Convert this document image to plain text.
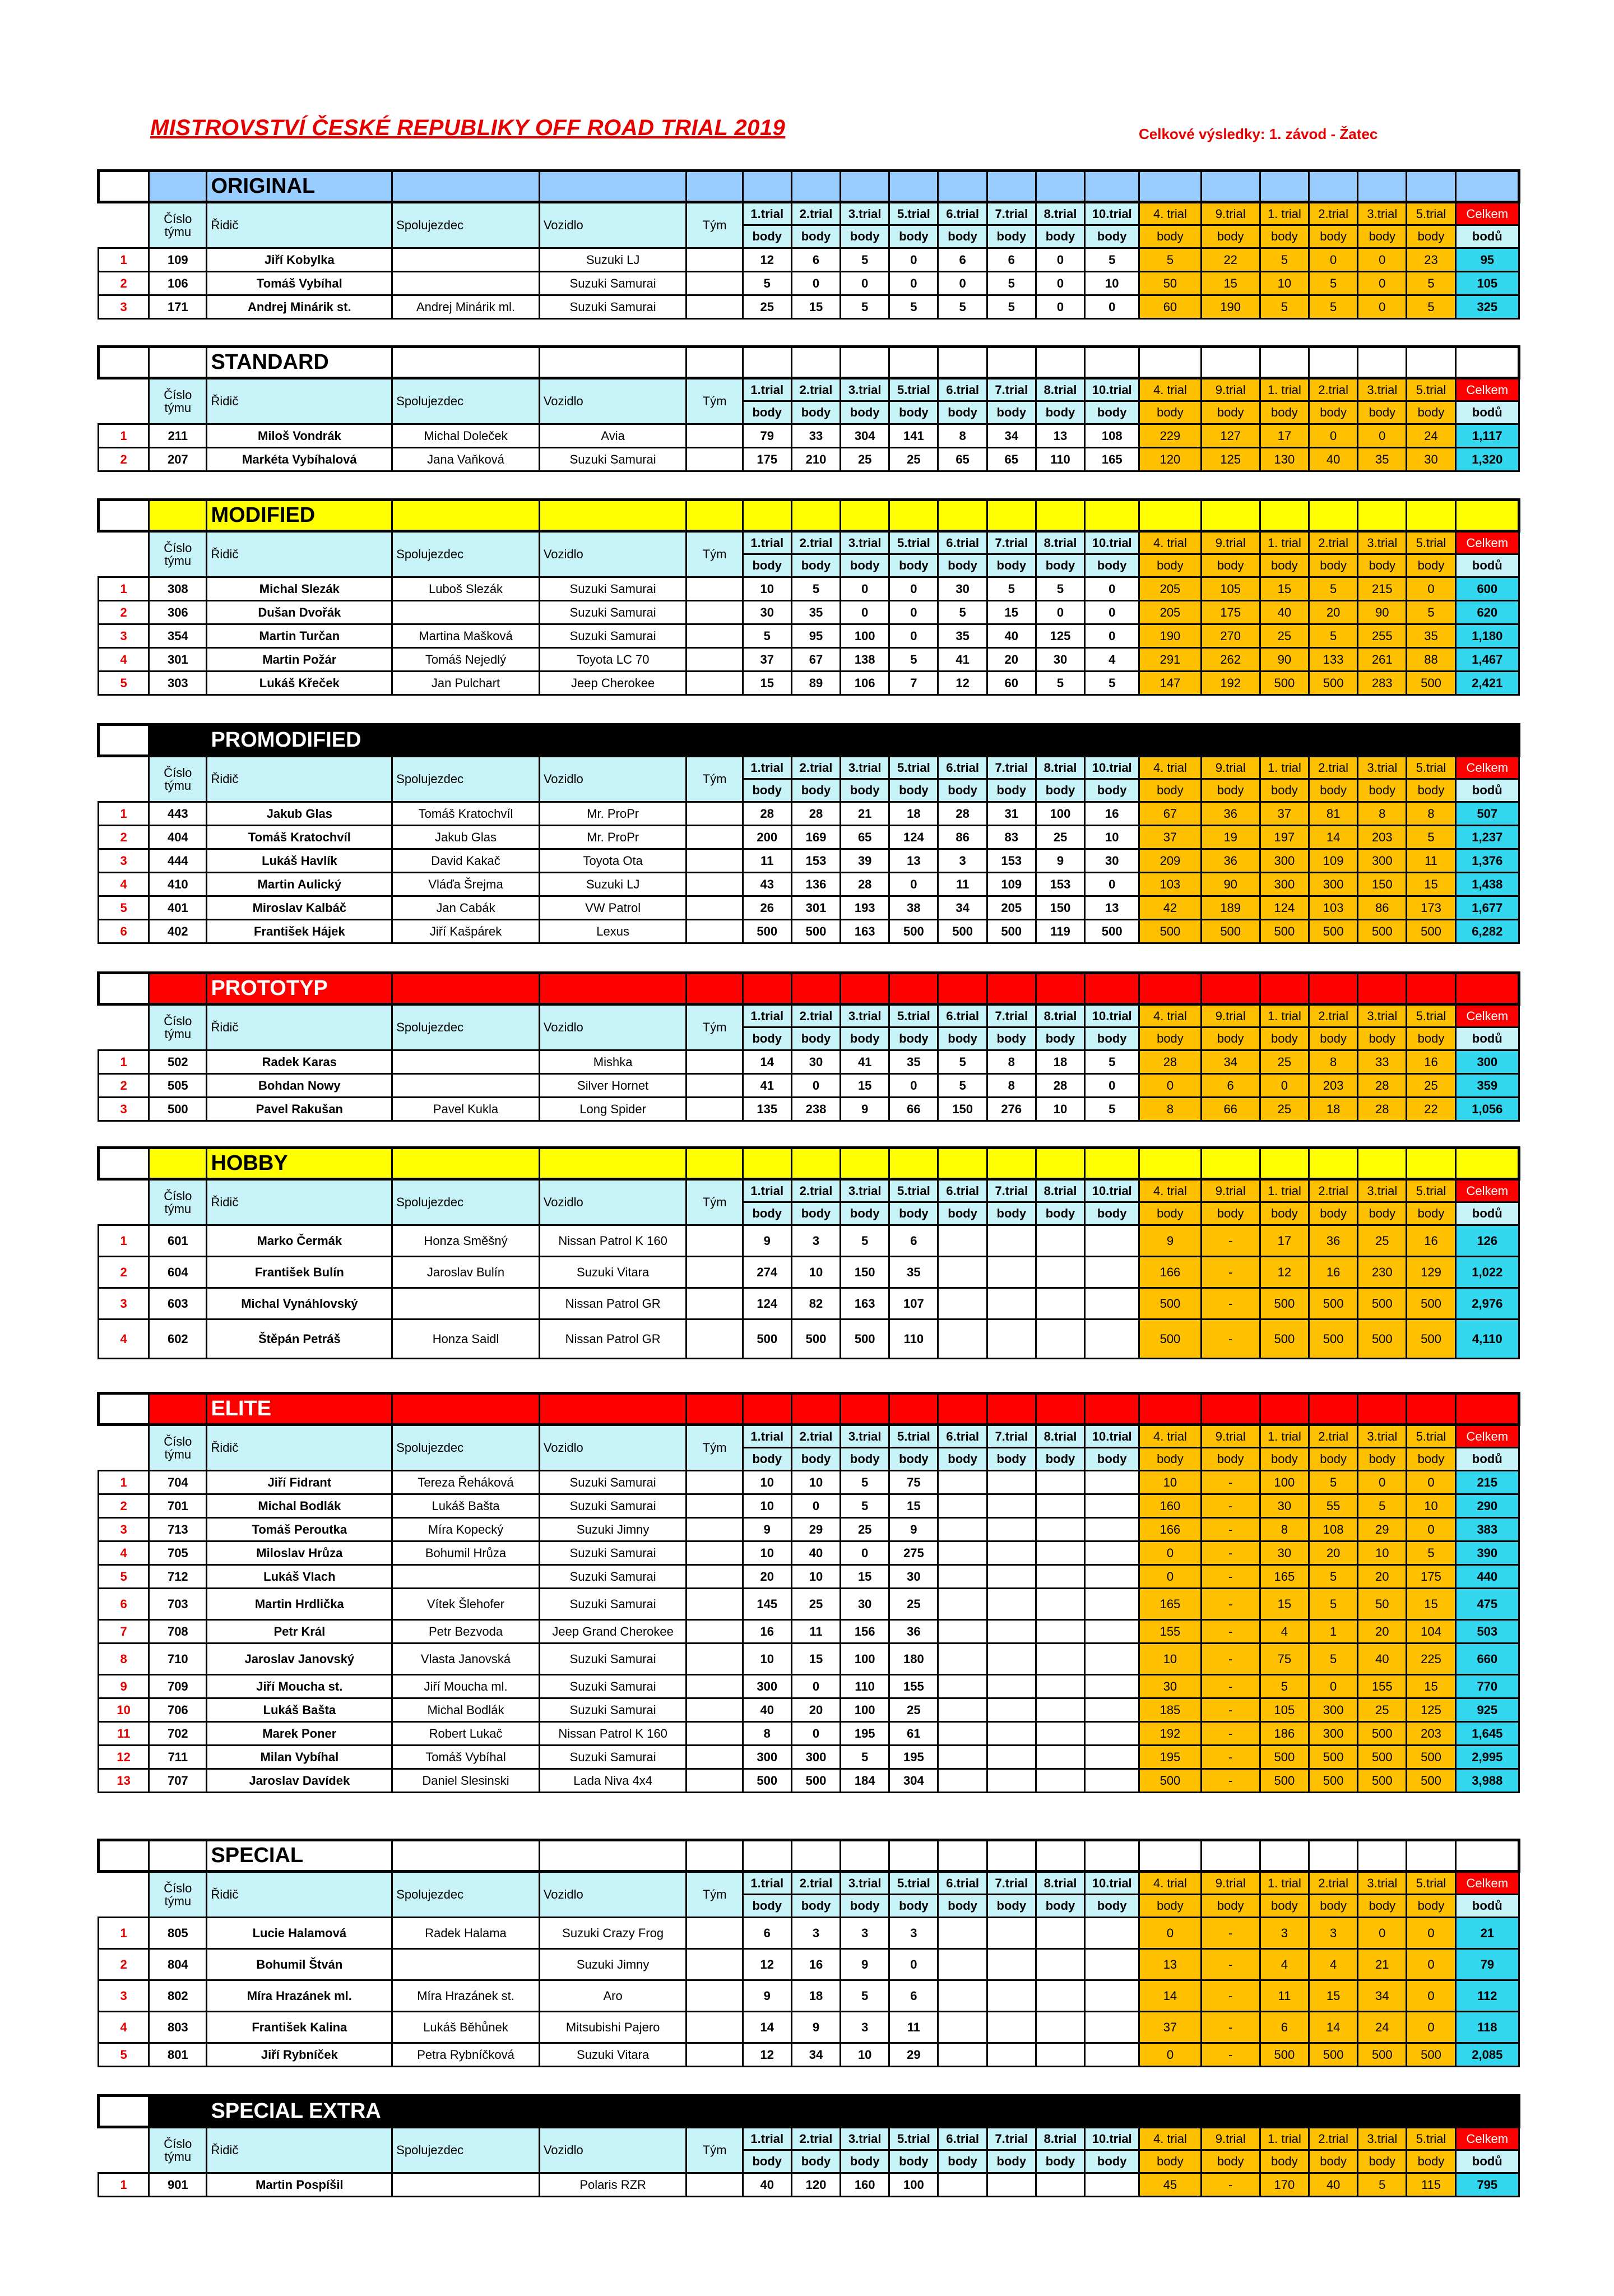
MISTROVSTVÍ ČESKÉ REPUBLIKY OFF ROAD TRIAL 2019	Celkové výsledky: 1. závod - Žatec
		ORIGINAL																		
	Číslo týmu	Řidič	Spolujezdec	Vozidlo	Tým	1.trial	2.trial	3.trial	5.trial	6.trial	7.trial	8.trial	10.trial	4. trial	9.trial	1. trial	2.trial	3.trial	5.trial	Celkem
						body	body	body	body	body	body	body	body	body	body	body	body	body	body	bodů
1	109	Jiří Kobylka		Suzuki LJ		12	6	5	0	6	6	0	5	5	22	5	0	0	23	95
2	106	Tomáš Vybíhal		Suzuki Samurai		5	0	0	0	0	5	0	10	50	15	10	5	0	5	105
3	171	Andrej Minárik st.	Andrej Minárik ml.	Suzuki Samurai		25	15	5	5	5	5	0	0	60	190	5	5	0	5	325
		STANDARD																		
	Číslo týmu	Řidič	Spolujezdec	Vozidlo	Tým	1.trial	2.trial	3.trial	5.trial	6.trial	7.trial	8.trial	10.trial	4. trial	9.trial	1. trial	2.trial	3.trial	5.trial	Celkem
						body	body	body	body	body	body	body	body	body	body	body	body	body	body	bodů
1	211	Miloš Vondrák	Michal Doleček	Avia		79	33	304	141	8	34	13	108	229	127	17	0	0	24	1,117
2	207	Markéta Vybíhalová	Jana Vaňková	Suzuki Samurai		175	210	25	25	65	65	110	165	120	125	130	40	35	30	1,320
		MODIFIED																		
	Číslo týmu	Řidič	Spolujezdec	Vozidlo	Tým	1.trial	2.trial	3.trial	5.trial	6.trial	7.trial	8.trial	10.trial	4. trial	9.trial	1. trial	2.trial	3.trial	5.trial	Celkem
						body	body	body	body	body	body	body	body	body	body	body	body	body	body	bodů
1	308	Michal Slezák	Luboš Slezák	Suzuki Samurai		10	5	0	0	30	5	5	0	205	105	15	5	215	0	600
2	306	Dušan Dvořák		Suzuki Samurai		30	35	0	0	5	15	0	0	205	175	40	20	90	5	620
3	354	Martin Turčan	Martina Mašková	Suzuki Samurai		5	95	100	0	35	40	125	0	190	270	25	5	255	35	1,180
4	301	Martin Požár	Tomáš Nejedlý	Toyota LC 70		37	67	138	5	41	20	30	4	291	262	90	133	261	88	1,467
5	303	Lukáš Křeček	Jan Pulchart	Jeep Cherokee		15	89	106	7	12	60	5	5	147	192	500	500	283	500	2,421
		PROMODIFIED																		
	Číslo týmu	Řidič	Spolujezdec	Vozidlo	Tým	1.trial	2.trial	3.trial	5.trial	6.trial	7.trial	8.trial	10.trial	4. trial	9.trial	1. trial	2.trial	3.trial	5.trial	Celkem
						body	body	body	body	body	body	body	body	body	body	body	body	body	body	bodů
1	443	Jakub Glas	Tomáš Kratochvíl	Mr. ProPr		28	28	21	18	28	31	100	16	67	36	37	81	8	8	507
2	404	Tomáš Kratochvíl	Jakub Glas	Mr. ProPr		200	169	65	124	86	83	25	10	37	19	197	14	203	5	1,237
3	444	Lukáš Havlík	David Kakač	Toyota Ota		11	153	39	13	3	153	9	30	209	36	300	109	300	11	1,376
4	410	Martin Aulický	Vláďa Šrejma	Suzuki LJ		43	136	28	0	11	109	153	0	103	90	300	300	150	15	1,438
5	401	Miroslav Kalbáč	Jan Cabák	VW Patrol		26	301	193	38	34	205	150	13	42	189	124	103	86	173	1,677
6	402	František Hájek	Jiří Kašpárek	Lexus		500	500	163	500	500	500	119	500	500	500	500	500	500	500	6,282
		PROTOTYP																		
	Číslo týmu	Řidič	Spolujezdec	Vozidlo	Tým	1.trial	2.trial	3.trial	5.trial	6.trial	7.trial	8.trial	10.trial	4. trial	9.trial	1. trial	2.trial	3.trial	5.trial	Celkem
						body	body	body	body	body	body	body	body	body	body	body	body	body	body	bodů
1	502	Radek Karas		Mishka		14	30	41	35	5	8	18	5	28	34	25	8	33	16	300
2	505	Bohdan Nowy		Silver Hornet		41	0	15	0	5	8	28	0	0	6	0	203	28	25	359
3	500	Pavel Rakušan	Pavel Kukla	Long Spider		135	238	9	66	150	276	10	5	8	66	25	18	28	22	1,056
		HOBBY																		
	Číslo týmu	Řidič	Spolujezdec	Vozidlo	Tým	1.trial	2.trial	3.trial	5.trial	6.trial	7.trial	8.trial	10.trial	4. trial	9.trial	1. trial	2.trial	3.trial	5.trial	Celkem
						body	body	body	body	body	body	body	body	body	body	body	body	body	body	bodů
1	601	Marko Čermák	Honza Směšný	Nissan Patrol K 160		9	3	5	6					9	-	17	36	25	16	126
2	604	František Bulín	Jaroslav Bulín	Suzuki Vitara		274	10	150	35					166	-	12	16	230	129	1,022
3	603	Michal Vynáhlovský		Nissan Patrol GR		124	82	163	107					500	-	500	500	500	500	2,976
4	602	Štěpán Petráš	Honza Saidl	Nissan Patrol GR		500	500	500	110					500	-	500	500	500	500	4,110
		ELITE																		
	Číslo týmu	Řidič	Spolujezdec	Vozidlo	Tým	1.trial	2.trial	3.trial	5.trial	6.trial	7.trial	8.trial	10.trial	4. trial	9.trial	1. trial	2.trial	3.trial	5.trial	Celkem
						body	body	body	body	body	body	body	body	body	body	body	body	body	body	bodů
1	704	Jiří Fidrant	Tereza Řeháková	Suzuki Samurai		10	10	5	75					10	-	100	5	0	0	215
2	701	Michal Bodlák	Lukáš Bašta	Suzuki Samurai		10	0	5	15					160	-	30	55	5	10	290
3	713	Tomáš Peroutka	Míra Kopecký	Suzuki Jimny		9	29	25	9					166	-	8	108	29	0	383
4	705	Miloslav Hrůza	Bohumil Hrůza	Suzuki Samurai		10	40	0	275					0	-	30	20	10	5	390
5	712	Lukáš Vlach		Suzuki Samurai		20	10	15	30					0	-	165	5	20	175	440
6	703	Martin Hrdlička	Vítek Šlehofer	Suzuki Samurai		145	25	30	25					165	-	15	5	50	15	475
7	708	Petr Král	Petr Bezvoda	Jeep Grand Cherokee		16	11	156	36					155	-	4	1	20	104	503
8	710	Jaroslav Janovský	Vlasta Janovská	Suzuki Samurai		10	15	100	180					10	-	75	5	40	225	660
9	709	Jiří Moucha st.	Jiří Moucha ml.	Suzuki Samurai		300	0	110	155					30	-	5	0	155	15	770
10	706	Lukáš Bašta	Michal Bodlák	Suzuki Samurai		40	20	100	25					185	-	105	300	25	125	925
11	702	Marek Poner	Robert Lukač	Nissan Patrol K 160		8	0	195	61					192	-	186	300	500	203	1,645
12	711	Milan Vybíhal	Tomáš Vybíhal	Suzuki Samurai		300	300	5	195					195	-	500	500	500	500	2,995
13	707	Jaroslav Davídek	Daniel Slesinski	Lada Niva 4x4		500	500	184	304					500	-	500	500	500	500	3,988
		SPECIAL																		
	Číslo týmu	Řidič	Spolujezdec	Vozidlo	Tým	1.trial	2.trial	3.trial	5.trial	6.trial	7.trial	8.trial	10.trial	4. trial	9.trial	1. trial	2.trial	3.trial	5.trial	Celkem
						body	body	body	body	body	body	body	body	body	body	body	body	body	body	bodů
1	805	Lucie Halamová	Radek Halama	Suzuki Crazy Frog		6	3	3	3					0	-	3	3	0	0	21
2	804	Bohumil Štván		Suzuki Jimny		12	16	9	0					13	-	4	4	21	0	79
3	802	Míra Hrazánek ml.	Míra Hrazánek st.	Aro		9	18	5	6					14	-	11	15	34	0	112
4	803	František Kalina	Lukáš Běhůnek	Mitsubishi Pajero		14	9	3	11					37	-	6	14	24	0	118
5	801	Jiří Rybníček	Petra Rybníčková	Suzuki Vitara		12	34	10	29					0	-	500	500	500	500	2,085
		SPECIAL EXTRA																		
	Číslo týmu	Řidič	Spolujezdec	Vozidlo	Tým	1.trial	2.trial	3.trial	5.trial	6.trial	7.trial	8.trial	10.trial	4. trial	9.trial	1. trial	2.trial	3.trial	5.trial	Celkem
						body	body	body	body	body	body	body	body	body	body	body	body	body	body	bodů
1	901	Martin Pospíšil		Polaris RZR		40	120	160	100					45	-	170	40	5	115	795
